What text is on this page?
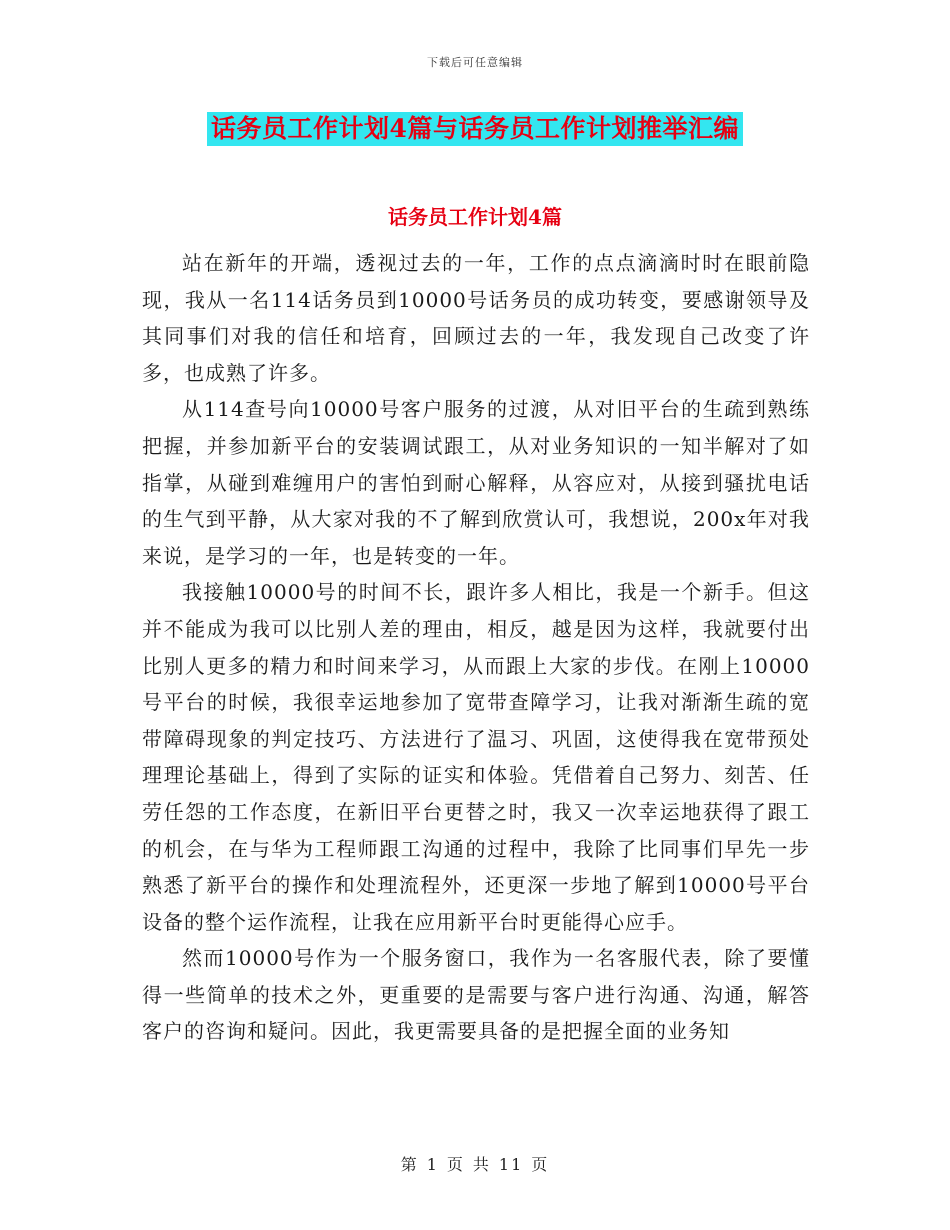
下载后可任意编辑
话务员工作计划4篇与话务员工作计划推举汇编
话务员工作计划4篇

站在新年的开端，透视过去的一年，工作的点点滴滴时时在眼前隐现，我从一名114话务员到10000号话务员的成功转变，要感谢领导及其同事们对我的信任和培育，回顾过去的一年，我发现自己改变了许多，也成熟了许多。

从114查号向10000号客户服务的过渡，从对旧平台的生疏到熟练把握，并参加新平台的安装调试跟工，从对业务知识的一知半解对了如指掌，从碰到难缠用户的害怕到耐心解释，从容应对，从接到骚扰电话的生气到平静，从大家对我的不了解到欣赏认可，我想说，200x年对我来说，是学习的一年，也是转变的一年。

我接触10000号的时间不长，跟许多人相比，我是一个新手。但这并不能成为我可以比别人差的理由，相反，越是因为这样，我就要付出比别人更多的精力和时间来学习，从而跟上大家的步伐。在刚上10000号平台的时候，我很幸运地参加了宽带查障学习，让我对渐渐生疏的宽带障碍现象的判定技巧、方法进行了温习、巩固，这使得我在宽带预处理理论基础上，得到了实际的证实和体验。凭借着自己努力、刻苦、任劳任怨的工作态度，在新旧平台更替之时，我又一次幸运地获得了跟工的机会，在与华为工程师跟工沟通的过程中，我除了比同事们早先一步熟悉了新平台的操作和处理流程外，还更深一步地了解到10000号平台设备的整个运作流程，让我在应用新平台时更能得心应手。

然而10000号作为一个服务窗口，我作为一名客服代表，除了要懂得一些简单的技术之外，更重要的是需要与客户进行沟通、沟通，解答客户的咨询和疑问。因此，我更需要具备的是把握全面的业务知

第 1 页 共 11 页
